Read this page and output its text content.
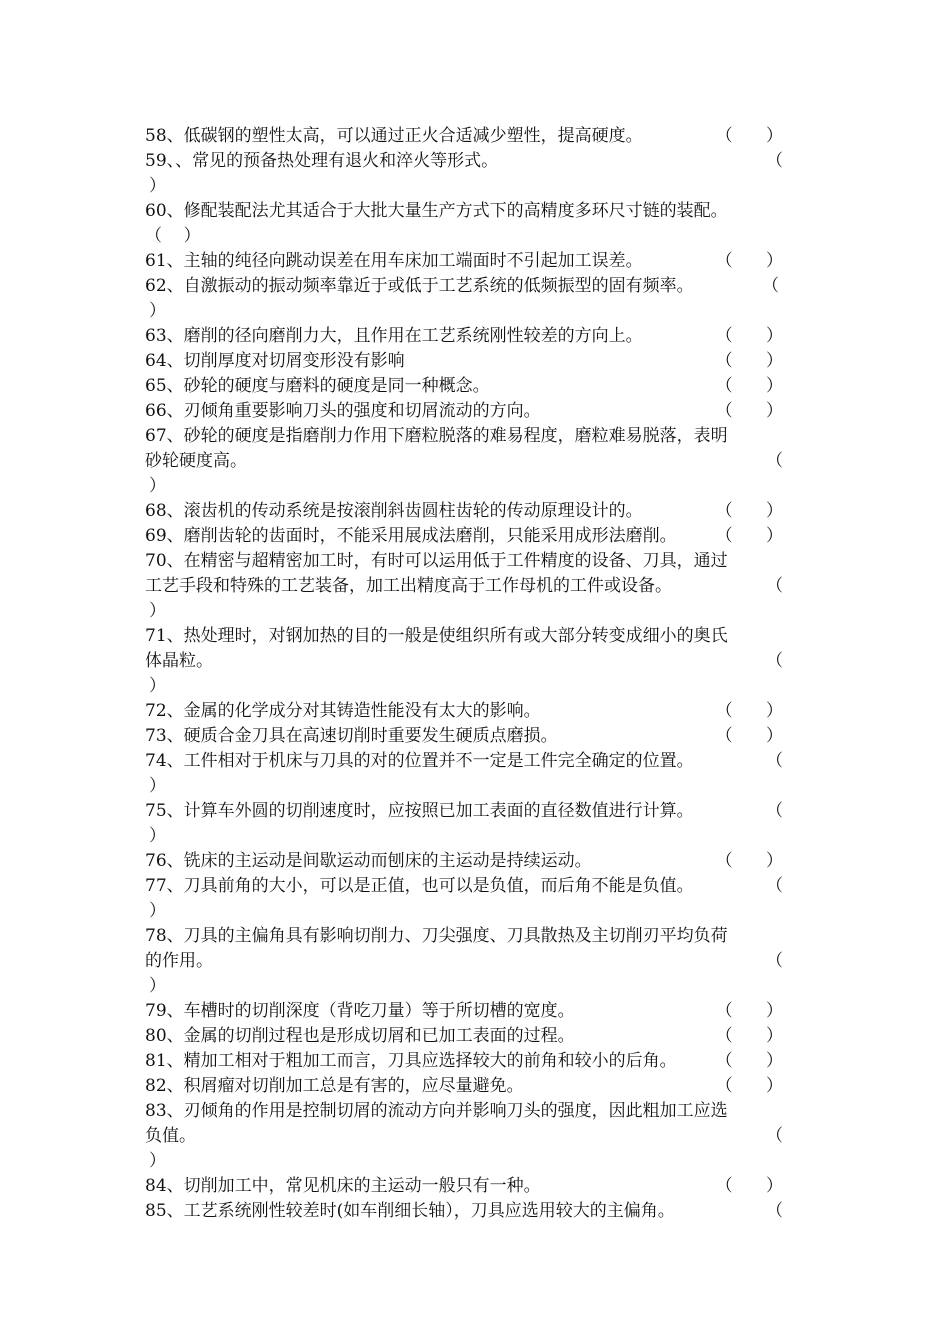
58、低碳钢的塑性太高，可以通过正火合适减少塑性，提高硬度。	（ ）
59、、常见的预备热处理有退火和淬火等形式。	（
）
60、修配装配法尤其适合于大批大量生产方式下的高精度多环尺寸链的装配。
（    ）
61、主轴的纯径向跳动误差在用车床加工端面时不引起加工误差。	（ ）
62、自激振动的振动频率靠近于或低于工艺系统的低频振型的固有频率。	（
）
63、磨削的径向磨削力大，且作用在工艺系统刚性较差的方向上。	（ ）
64、切削厚度对切屑变形没有影响	（ ）
65、砂轮的硬度与磨料的硬度是同一种概念。	（ ）
66、刃倾角重要影响刀头的强度和切屑流动的方向。	（ ）
67、砂轮的硬度是指磨削力作用下磨粒脱落的难易程度，磨粒难易脱落，表明
砂轮硬度高。	（
）
68、滚齿机的传动系统是按滚削斜齿圆柱齿轮的传动原理设计的。	（ ）
69、磨削齿轮的齿面时，不能采用展成法磨削，只能采用成形法磨削。 （ ）
70、在精密与超精密加工时，有时可以运用低于工件精度的设备、刀具，通过
工艺手段和特殊的工艺装备，加工出精度高于工作母机的工件或设备。	（
）
71、热处理时，对钢加热的目的一般是使组织所有或大部分转变成细小的奥氏
体晶粒。	（
）
72、金属的化学成分对其铸造性能没有太大的影响。	（ ）
73、硬质合金刀具在高速切削时重要发生硬质点磨损。	（ ）
74、工件相对于机床与刀具的对的位置并不一定是工件完全确定的位置。	（
）
75、计算车外圆的切削速度时，应按照已加工表面的直径数值进行计算。	（
）
76、铣床的主运动是间歇运动而刨床的主运动是持续运动。	（ ）
77、刀具前角的大小，可以是正值，也可以是负值，而后角不能是负值。	（
）
78、刀具的主偏角具有影响切削力、刀尖强度、刀具散热及主切削刃平均负荷
的作用。	（
）
79、车槽时的切削深度（背吃刀量）等于所切槽的宽度。	（ ）
80、金属的切削过程也是形成切屑和已加工表面的过程。	（ ）
81、精加工相对于粗加工而言，刀具应选择较大的前角和较小的后角。 （ ）
82、积屑瘤对切削加工总是有害的，应尽量避免。	（ ）
83、刃倾角的作用是控制切屑的流动方向并影响刀头的强度，因此粗加工应选
负值。	（
）
84、切削加工中，常见机床的主运动一般只有一种。	（ ）
85、工艺系统刚性较差时(如车削细长轴），刀具应选用较大的主偏角。	（
